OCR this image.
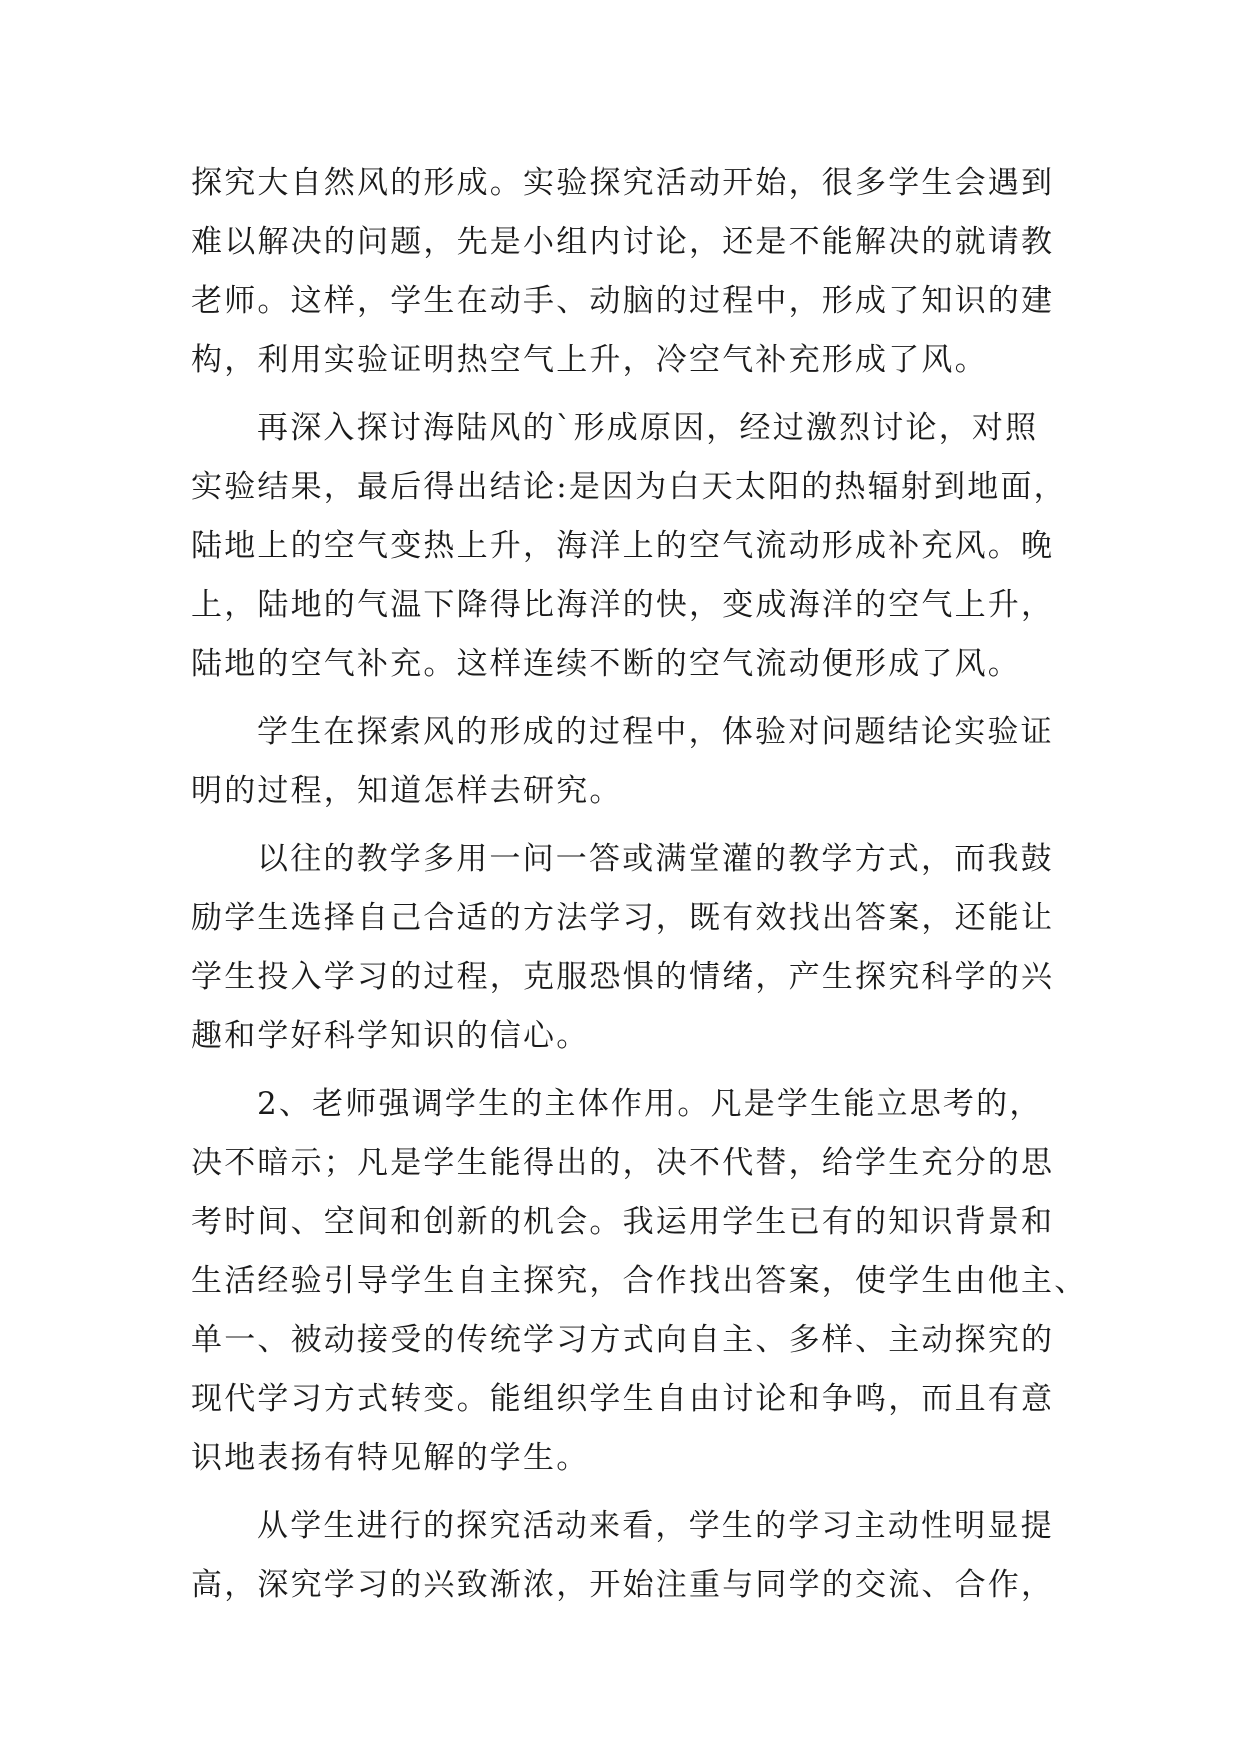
探究大自然风的形成。实验探究活动开始，很多学生会遇到
难以解决的问题，先是小组内讨论，还是不能解决的就请教
老师。这样，学生在动手、动脑的过程中，形成了知识的建
构，利用实验证明热空气上升，冷空气补充形成了风。

再深入探讨海陆风的`形成原因，经过激烈讨论，对照
实验结果，最后得出结论:是因为白天太阳的热辐射到地面，
陆地上的空气变热上升，海洋上的空气流动形成补充风。晚
上，陆地的气温下降得比海洋的快，变成海洋的空气上升，
陆地的空气补充。这样连续不断的空气流动便形成了风。

学生在探索风的形成的过程中，体验对问题结论实验证
明的过程，知道怎样去研究。

以往的教学多用一问一答或满堂灌的教学方式，而我鼓
励学生选择自己合适的方法学习，既有效找出答案，还能让
学生投入学习的过程，克服恐惧的情绪，产生探究科学的兴
趣和学好科学知识的信心。

2、老师强调学生的主体作用。凡是学生能立思考的，
决不暗示；凡是学生能得出的，决不代替，给学生充分的思
考时间、空间和创新的机会。我运用学生已有的知识背景和
生活经验引导学生自主探究，合作找出答案，使学生由他主、
单一、被动接受的传统学习方式向自主、多样、主动探究的
现代学习方式转变。能组织学生自由讨论和争鸣，而且有意
识地表扬有特见解的学生。

从学生进行的探究活动来看，学生的学习主动性明显提
高，深究学习的兴致渐浓，开始注重与同学的交流、合作，
